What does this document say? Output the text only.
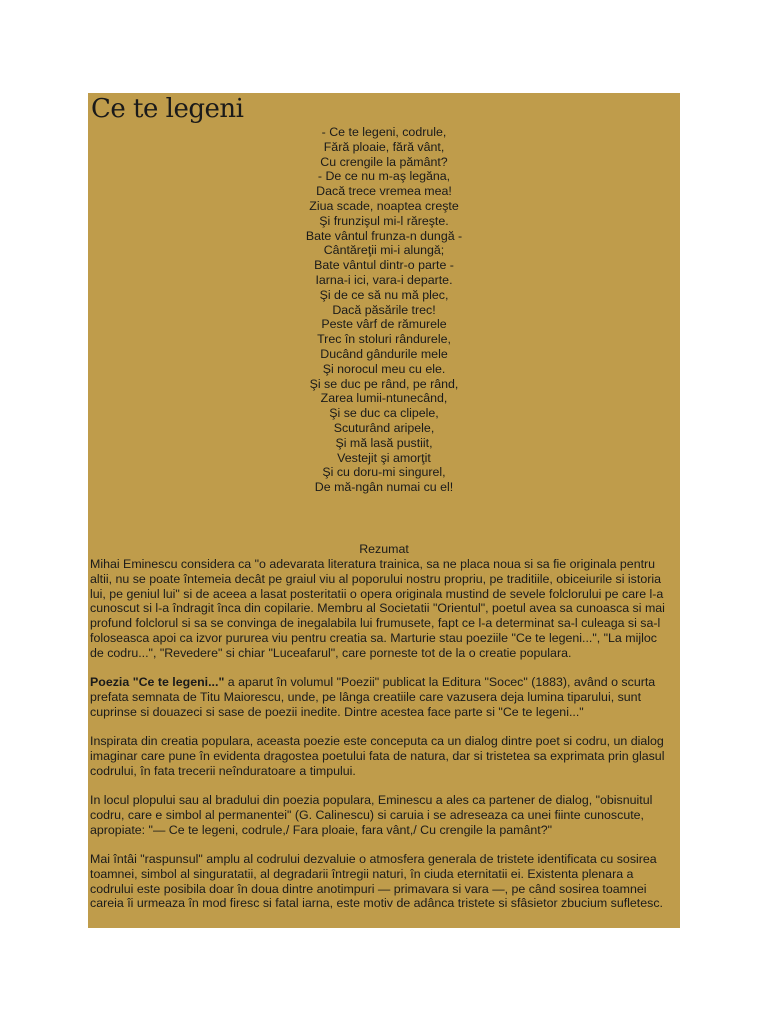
Ce te legeni
- Ce te legeni, codrule,
Fără ploaie, fără vânt,
Cu crengile la pământ?
- De ce nu m-aş legăna,
Dacă trece vremea mea!
Ziua scade, noaptea creşte
Şi frunzişul mi-l răreşte.
Bate vântul frunza-n dungă -
Cântăreţii mi-i alungă;
Bate vântul dintr-o parte -
Iarna-i ici, vara-i departe.
Şi de ce să nu mă plec,
Dacă păsările trec!
Peste vârf de rămurele
Trec în stoluri rândurele,
Ducând gândurile mele
Şi norocul meu cu ele.
Şi se duc pe rând, pe rând,
Zarea lumii-ntunecând,
Şi se duc ca clipele,
Scuturând aripele,
Şi mă lasă pustiit,
Vestejit şi amorţit
Şi cu doru-mi singurel,
De mă-ngân numai cu el!
Rezumat
Mihai Eminescu considera ca "o adevarata literatura trainica, sa ne placa noua si sa fie originala pentru
altii, nu se poate întemeia decât pe graiul viu al poporului nostru propriu, pe traditiile, obiceiurile si istoria
lui, pe geniul lui" si de aceea a lasat posteritatii o opera originala mustind de sevele folclorului pe care l-a
cunoscut si l-a îndragit înca din copilarie. Membru al Societatii "Orientul", poetul avea sa cunoasca si mai
profund folclorul si sa se convinga de inegalabila lui frumusete, fapt ce l-a determinat sa-l culeaga si sa-l
foloseasca apoi ca izvor pururea viu pentru creatia sa. Marturie stau poeziile "Ce te legeni...", "La mijloc
de codru...", "Revedere" si chiar "Luceafarul", care porneste tot de la o creatie populara.
Poezia "Ce te legeni..." a aparut în volumul "Poezii" publicat la Editura "Socec" (1883), având o scurta
prefata semnata de Titu Maiorescu, unde, pe lânga creatiile care vazusera deja lumina tiparului, sunt
cuprinse si douazeci si sase de poezii inedite. Dintre acestea face parte si "Ce te legeni..."
Inspirata din creatia populara, aceasta poezie este conceputa ca un dialog dintre poet si codru, un dialog
imaginar care pune în evidenta dragostea poetului fata de natura, dar si tristetea sa exprimata prin glasul
codrului, în fata trecerii neînduratoare a timpului.
In locul plopului sau al bradului din poezia populara, Eminescu a ales ca partener de dialog, "obisnuitul
codru, care e simbol al permanentei" (G. Calinescu) si caruia i se adreseaza ca unei fiinte cunoscute,
apropiate: "— Ce te legeni, codrule,/ Fara ploaie, fara vânt,/ Cu crengile la pamânt?"
Mai întâi "raspunsul" amplu al codrului dezvaluie o atmosfera generala de tristete identificata cu sosirea
toamnei, simbol al singuratatii, al degradarii întregii naturi, în ciuda eternitatii ei. Existenta plenara a
codrului este posibila doar în doua dintre anotimpuri — primavara si vara —, pe când sosirea toamnei
careia îi urmeaza în mod firesc si fatal iarna, este motiv de adânca tristete si sfâsietor zbucium sufletesc.
